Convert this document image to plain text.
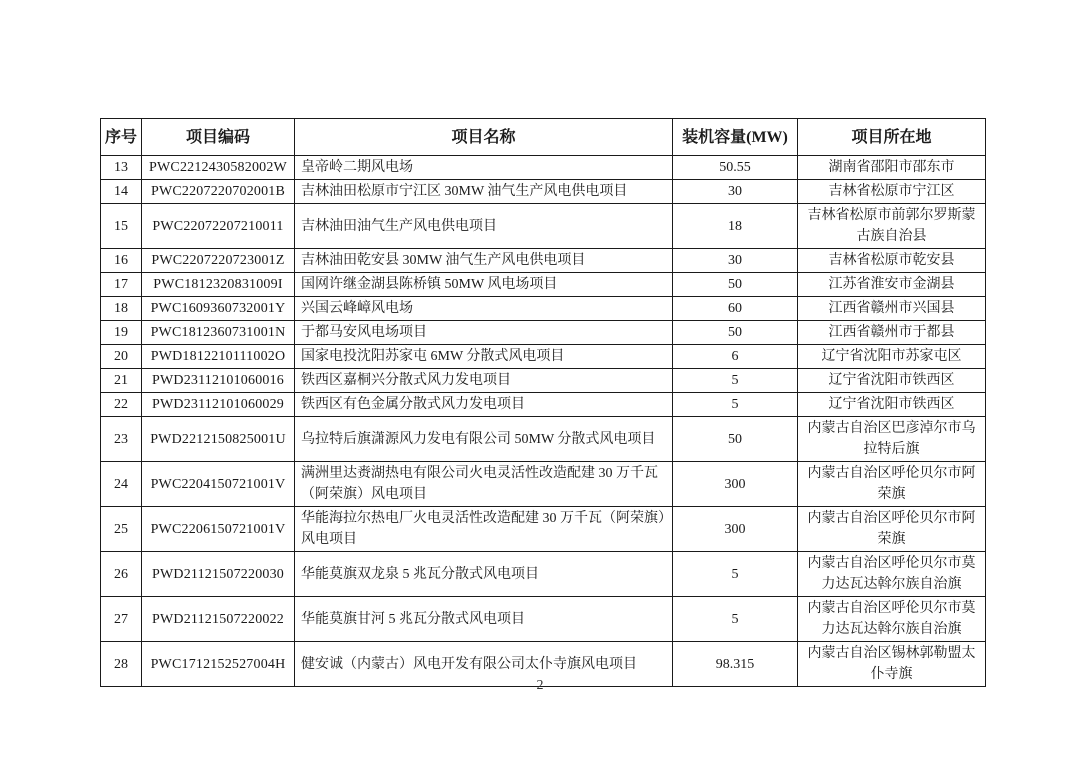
序号	项目编码	项目名称	装机容量(MW)	项目所在地
13	PWC2212430582002W	皇帝岭二期风电场	50.55	湖南省邵阳市邵东市
14	PWC2207220702001B	吉林油田松原市宁江区 30MW 油气生产风电供电项目	30	吉林省松原市宁江区
15	PWC22072207210011	吉林油田油气生产风电供电项目	18	吉林省松原市前郭尔罗斯蒙古族自治县
16	PWC2207220723001Z	吉林油田乾安县 30MW 油气生产风电供电项目	30	吉林省松原市乾安县
17	PWC1812320831009I	国网许继金湖县陈桥镇 50MW 风电场项目	50	江苏省淮安市金湖县
18	PWC1609360732001Y	兴国云峰嶂风电场	60	江西省赣州市兴国县
19	PWC1812360731001N	于都马安风电场项目	50	江西省赣州市于都县
20	PWD1812210111002O	国家电投沈阳苏家屯 6MW 分散式风电项目	6	辽宁省沈阳市苏家屯区
21	PWD23112101060016	铁西区嘉桐兴分散式风力发电项目	5	辽宁省沈阳市铁西区
22	PWD23112101060029	铁西区有色金属分散式风力发电项目	5	辽宁省沈阳市铁西区
23	PWD2212150825001U	乌拉特后旗潇源风力发电有限公司 50MW 分散式风电项目	50	内蒙古自治区巴彦淖尔市乌拉特后旗
24	PWC2204150721001V	满洲里达赉湖热电有限公司火电灵活性改造配建 30 万千瓦（阿荣旗）风电项目	300	内蒙古自治区呼伦贝尔市阿荣旗
25	PWC2206150721001V	华能海拉尔热电厂火电灵活性改造配建 30 万千瓦（阿荣旗）风电项目	300	内蒙古自治区呼伦贝尔市阿荣旗
26	PWD21121507220030	华能莫旗双龙泉 5 兆瓦分散式风电项目	5	内蒙古自治区呼伦贝尔市莫力达瓦达斡尔族自治旗
27	PWD21121507220022	华能莫旗甘河 5 兆瓦分散式风电项目	5	内蒙古自治区呼伦贝尔市莫力达瓦达斡尔族自治旗
28	PWC1712152527004H	健安诚（内蒙古）风电开发有限公司太仆寺旗风电项目	98.315	内蒙古自治区锡林郭勒盟太仆寺旗
2
